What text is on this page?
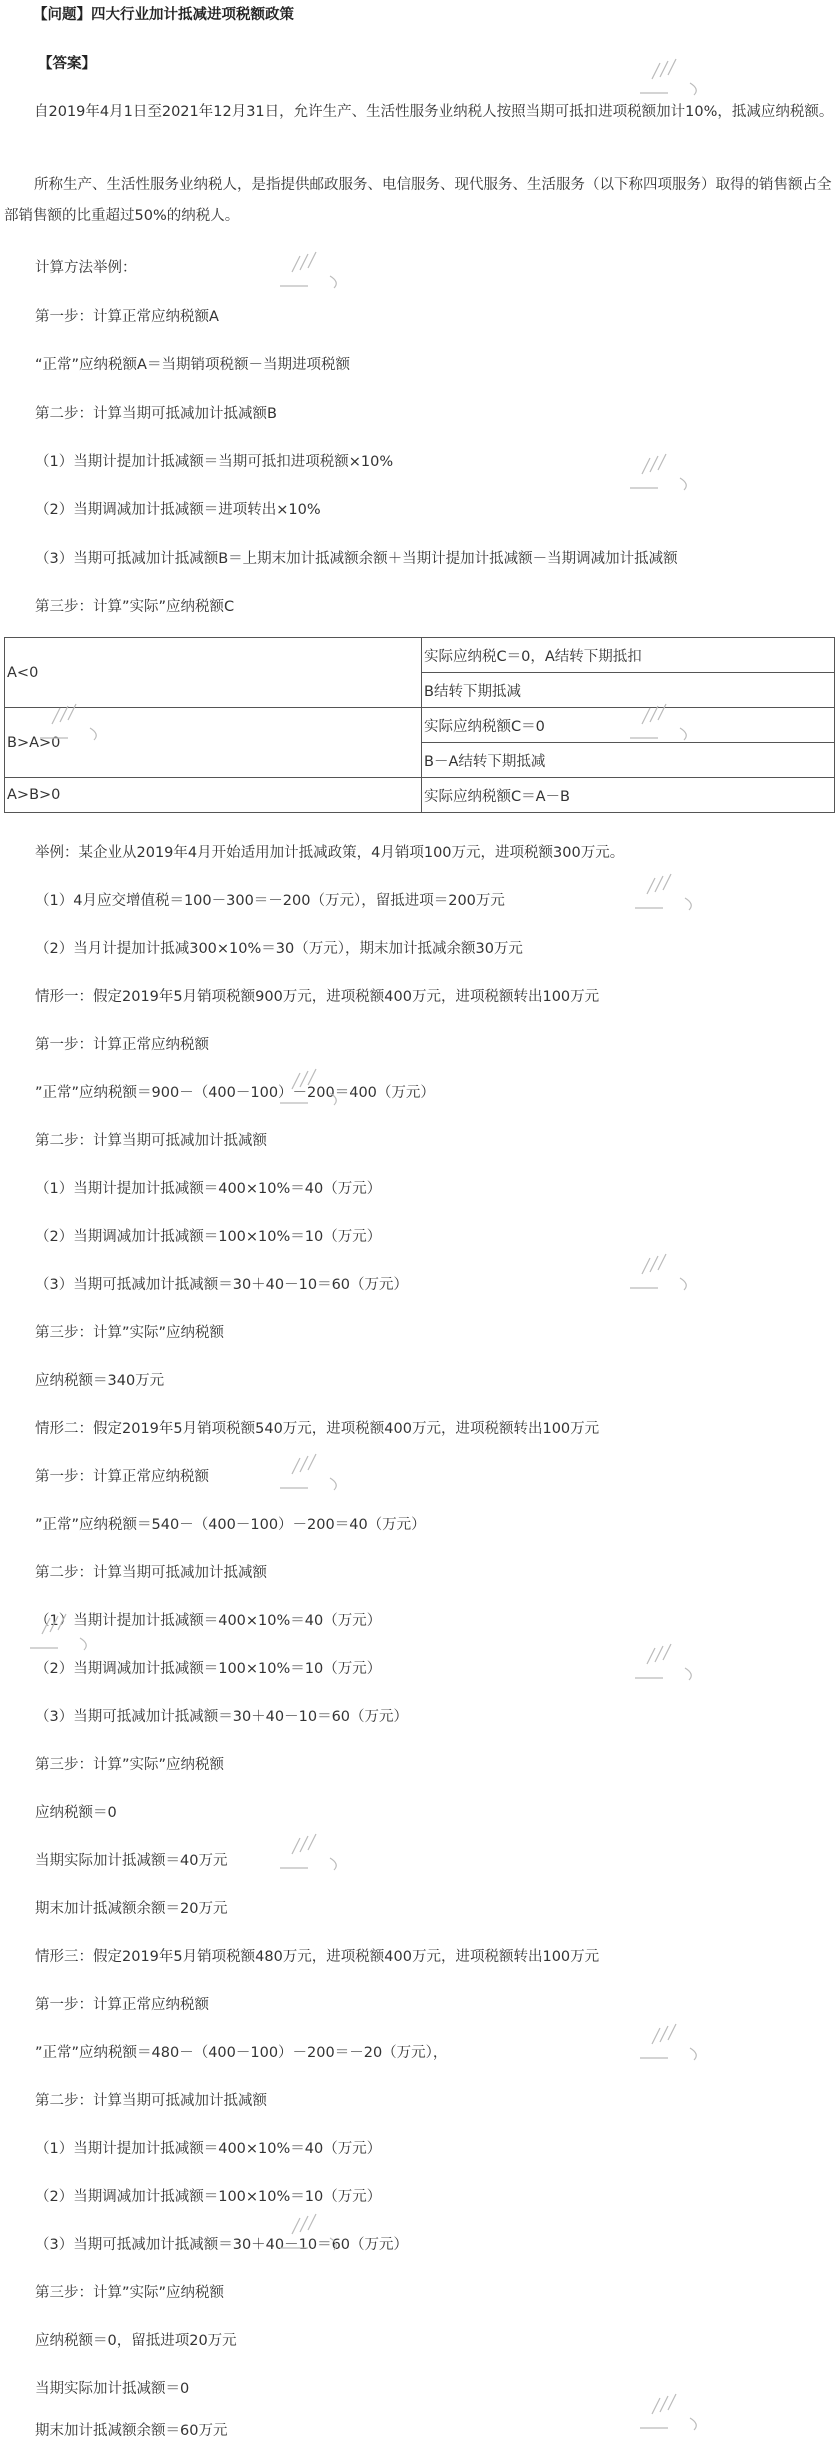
【问题】四大行业加计抵减进项税额政策
【答案】
自2019年4月1日至2021年12月31日，允许生产、生活性服务业纳税人按照当期可抵扣进项税额加计10%，抵减应纳税额。
所称生产、生活性服务业纳税人，是指提供邮政服务、电信服务、现代服务、生活服务（以下称四项服务）取得的销售额占全部销售额的比重超过50%的纳税人。
计算方法举例：
第一步：计算正常应纳税额A
“正常”应纳税额A＝当期销项税额－当期进项税额
第二步：计算当期可抵减加计抵减额B
（1）当期计提加计抵减额＝当期可抵扣进项税额×10%
（2）当期调减加计抵减额＝进项转出×10%
（3）当期可抵减加计抵减额B＝上期末加计抵减额余额＋当期计提加计抵减额－当期调减加计抵减额
第三步：计算”实际”应纳税额C
A<0	实际应纳税C＝0，A结转下期抵扣
	B结转下期抵减
B>A>0	实际应纳税额C＝0
	B－A结转下期抵减
A>B>0	实际应纳税额C＝A－B
举例：某企业从2019年4月开始适用加计抵减政策，4月销项100万元，进项税额300万元。
（1）4月应交增值税＝100－300＝－200（万元），留抵进项＝200万元
（2）当月计提加计抵减300×10%＝30（万元），期末加计抵减余额30万元
情形一：假定2019年5月销项税额900万元，进项税额400万元，进项税额转出100万元
第一步：计算正常应纳税额
”正常”应纳税额＝900－（400－100）－200＝400（万元）
第二步：计算当期可抵减加计抵减额
（1）当期计提加计抵减额＝400×10%＝40（万元）
（2）当期调减加计抵减额＝100×10%＝10（万元）
（3）当期可抵减加计抵减额＝30＋40－10＝60（万元）
第三步：计算”实际”应纳税额
应纳税额＝340万元
情形二：假定2019年5月销项税额540万元，进项税额400万元，进项税额转出100万元
第一步：计算正常应纳税额
”正常”应纳税额＝540－（400－100）－200＝40（万元）
第二步：计算当期可抵减加计抵减额
（1）当期计提加计抵减额＝400×10%＝40（万元）
（2）当期调减加计抵减额＝100×10%＝10（万元）
（3）当期可抵减加计抵减额＝30＋40－10＝60（万元）
第三步：计算”实际”应纳税额
应纳税额＝0
当期实际加计抵减额＝40万元
期末加计抵减额余额＝20万元
情形三：假定2019年5月销项税额480万元，进项税额400万元，进项税额转出100万元
第一步：计算正常应纳税额
”正常”应纳税额＝480－（400－100）－200＝－20（万元），
第二步：计算当期可抵减加计抵减额
（1）当期计提加计抵减额＝400×10%＝40（万元）
（2）当期调减加计抵减额＝100×10%＝10（万元）
（3）当期可抵减加计抵减额＝30＋40－10＝60（万元）
第三步：计算”实际”应纳税额
应纳税额＝0，留抵进项20万元
当期实际加计抵减额＝0
期末加计抵减额余额＝60万元
